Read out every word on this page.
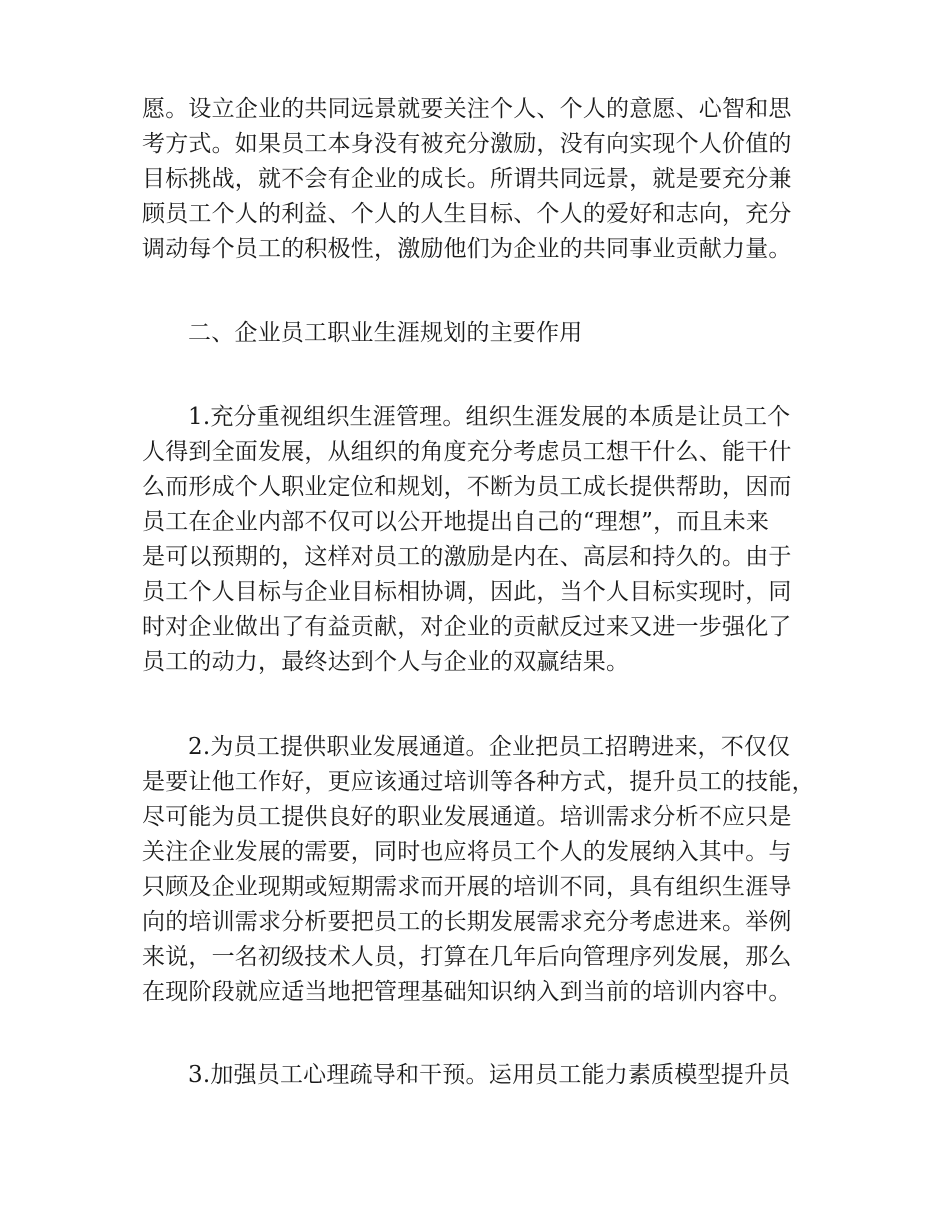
愿。设立企业的共同远景就要关注个人、个人的意愿、心智和思
考方式。如果员工本身没有被充分激励，没有向实现个人价值的
目标挑战，就不会有企业的成长。所谓共同远景，就是要充分兼
顾员工个人的利益、个人的人生目标、个人的爱好和志向，充分
调动每个员工的积极性，激励他们为企业的共同事业贡献力量。
二、企业员工职业生涯规划的主要作用
1.充分重视组织生涯管理。组织生涯发展的本质是让员工个
人得到全面发展，从组织的角度充分考虑员工想干什么、能干什
么而形成个人职业定位和规划，不断为员工成长提供帮助，因而
员工在企业内部不仅可以公开地提出自己的“理想”，而且未来
是可以预期的，这样对员工的激励是内在、高层和持久的。由于
员工个人目标与企业目标相协调，因此，当个人目标实现时，同
时对企业做出了有益贡献，对企业的贡献反过来又进一步强化了
员工的动力，最终达到个人与企业的双赢结果。
2.为员工提供职业发展通道。企业把员工招聘进来，不仅仅
是要让他工作好，更应该通过培训等各种方式，提升员工的技能，
尽可能为员工提供良好的职业发展通道。培训需求分析不应只是
关注企业发展的需要，同时也应将员工个人的发展纳入其中。与
只顾及企业现期或短期需求而开展的培训不同，具有组织生涯导
向的培训需求分析要把员工的长期发展需求充分考虑进来。举例
来说，一名初级技术人员，打算在几年后向管理序列发展，那么
在现阶段就应适当地把管理基础知识纳入到当前的培训内容中。
3.加强员工心理疏导和干预。运用员工能力素质模型提升员
